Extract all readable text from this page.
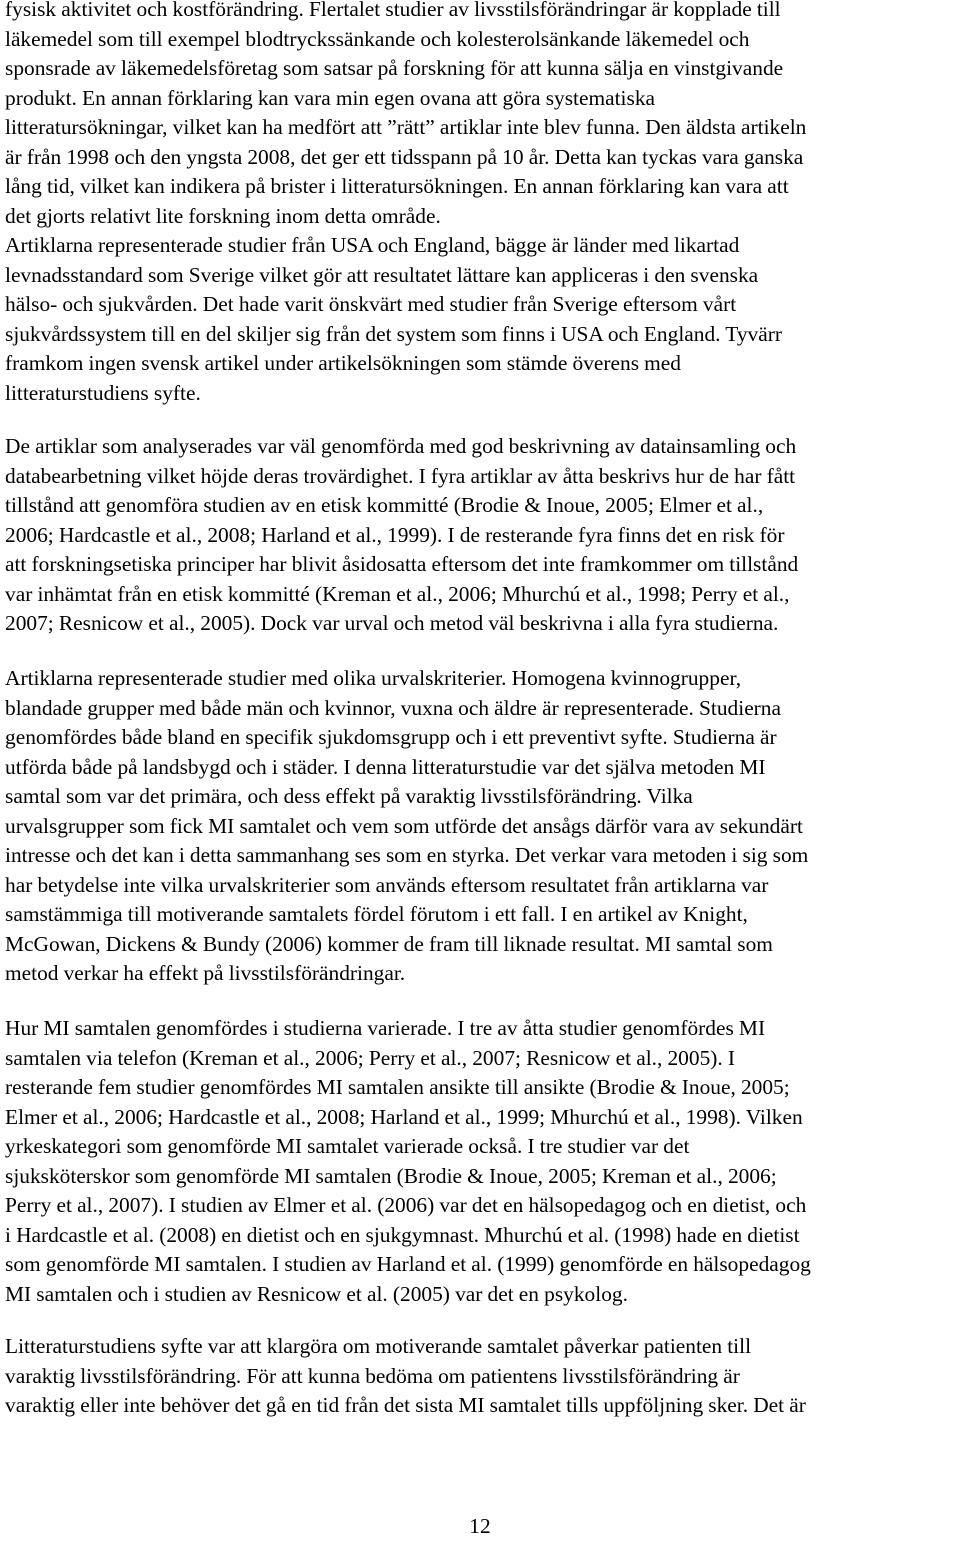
fysisk aktivitet och kostförändring. Flertalet studier av livsstilsförändringar är kopplade till
läkemedel som till exempel blodtryckssänkande och kolesterolsänkande läkemedel och
sponsrade av läkemedelsföretag som satsar på forskning för att kunna sälja en vinstgivande
produkt. En annan förklaring kan vara min egen ovana att göra systematiska
litteratursökningar, vilket kan ha medfört att ”rätt” artiklar inte blev funna. Den äldsta artikeln
är från 1998 och den yngsta 2008, det ger ett tidsspann på 10 år. Detta kan tyckas vara ganska
lång tid, vilket kan indikera på brister i litteratursökningen. En annan förklaring kan vara att
det gjorts relativt lite forskning inom detta område.
Artiklarna representerade studier från USA och England, bägge är länder med likartad
levnadsstandard som Sverige vilket gör att resultatet lättare kan appliceras i den svenska
hälso- och sjukvården. Det hade varit önskvärt med studier från Sverige eftersom vårt
sjukvårdssystem till en del skiljer sig från det system som finns i USA och England. Tyvärr
framkom ingen svensk artikel under artikelsökningen som stämde överens med
litteraturstudiens syfte.

De artiklar som analyserades var väl genomförda med god beskrivning av datainsamling och
databearbetning vilket höjde deras trovärdighet. I fyra artiklar av åtta beskrivs hur de har fått
tillstånd att genomföra studien av en etisk kommitté (Brodie & Inoue, 2005; Elmer et al.,
2006; Hardcastle et al., 2008; Harland et al., 1999). I de resterande fyra finns det en risk för
att forskningsetiska principer har blivit åsidosatta eftersom det inte framkommer om tillstånd
var inhämtat från en etisk kommitté (Kreman et al., 2006; Mhurchú et al., 1998; Perry et al.,
2007; Resnicow et al., 2005). Dock var urval och metod väl beskrivna i alla fyra studierna.

Artiklarna representerade studier med olika urvalskriterier. Homogena kvinnogrupper,
blandade grupper med både män och kvinnor, vuxna och äldre är representerade. Studierna
genomfördes både bland en specifik sjukdomsgrupp och i ett preventivt syfte. Studierna är
utförda både på landsbygd och i städer. I denna litteraturstudie var det själva metoden MI
samtal som var det primära, och dess effekt på varaktig livsstilsförändring. Vilka
urvalsgrupper som fick MI samtalet och vem som utförde det ansågs därför vara av sekundärt
intresse och det kan i detta sammanhang ses som en styrka. Det verkar vara metoden i sig som
har betydelse inte vilka urvalskriterier som används eftersom resultatet från artiklarna var
samstämmiga till motiverande samtalets fördel förutom i ett fall. I en artikel av Knight,
McGowan, Dickens & Bundy (2006) kommer de fram till liknade resultat. MI samtal som
metod verkar ha effekt på livsstilsförändringar.

Hur MI samtalen genomfördes i studierna varierade. I tre av åtta studier genomfördes MI
samtalen via telefon (Kreman et al., 2006; Perry et al., 2007; Resnicow et al., 2005). I
resterande fem studier genomfördes MI samtalen ansikte till ansikte (Brodie & Inoue, 2005;
Elmer et al., 2006; Hardcastle et al., 2008; Harland et al., 1999; Mhurchú et al., 1998). Vilken
yrkeskategori som genomförde MI samtalet varierade också. I tre studier var det
sjuksköterskor som genomförde MI samtalen (Brodie & Inoue, 2005; Kreman et al., 2006;
Perry et al., 2007). I studien av Elmer et al. (2006) var det en hälsopedagog och en dietist, och
i Hardcastle et al. (2008) en dietist och en sjukgymnast. Mhurchú et al. (1998) hade en dietist
som genomförde MI samtalen. I studien av Harland et al. (1999) genomförde en hälsopedagog
MI samtalen och i studien av Resnicow et al. (2005) var det en psykolog.

Litteraturstudiens syfte var att klargöra om motiverande samtalet påverkar patienten till
varaktig livsstilsförändring. För att kunna bedöma om patientens livsstilsförändring är
varaktig eller inte behöver det gå en tid från det sista MI samtalet tills uppföljning sker. Det är

12
